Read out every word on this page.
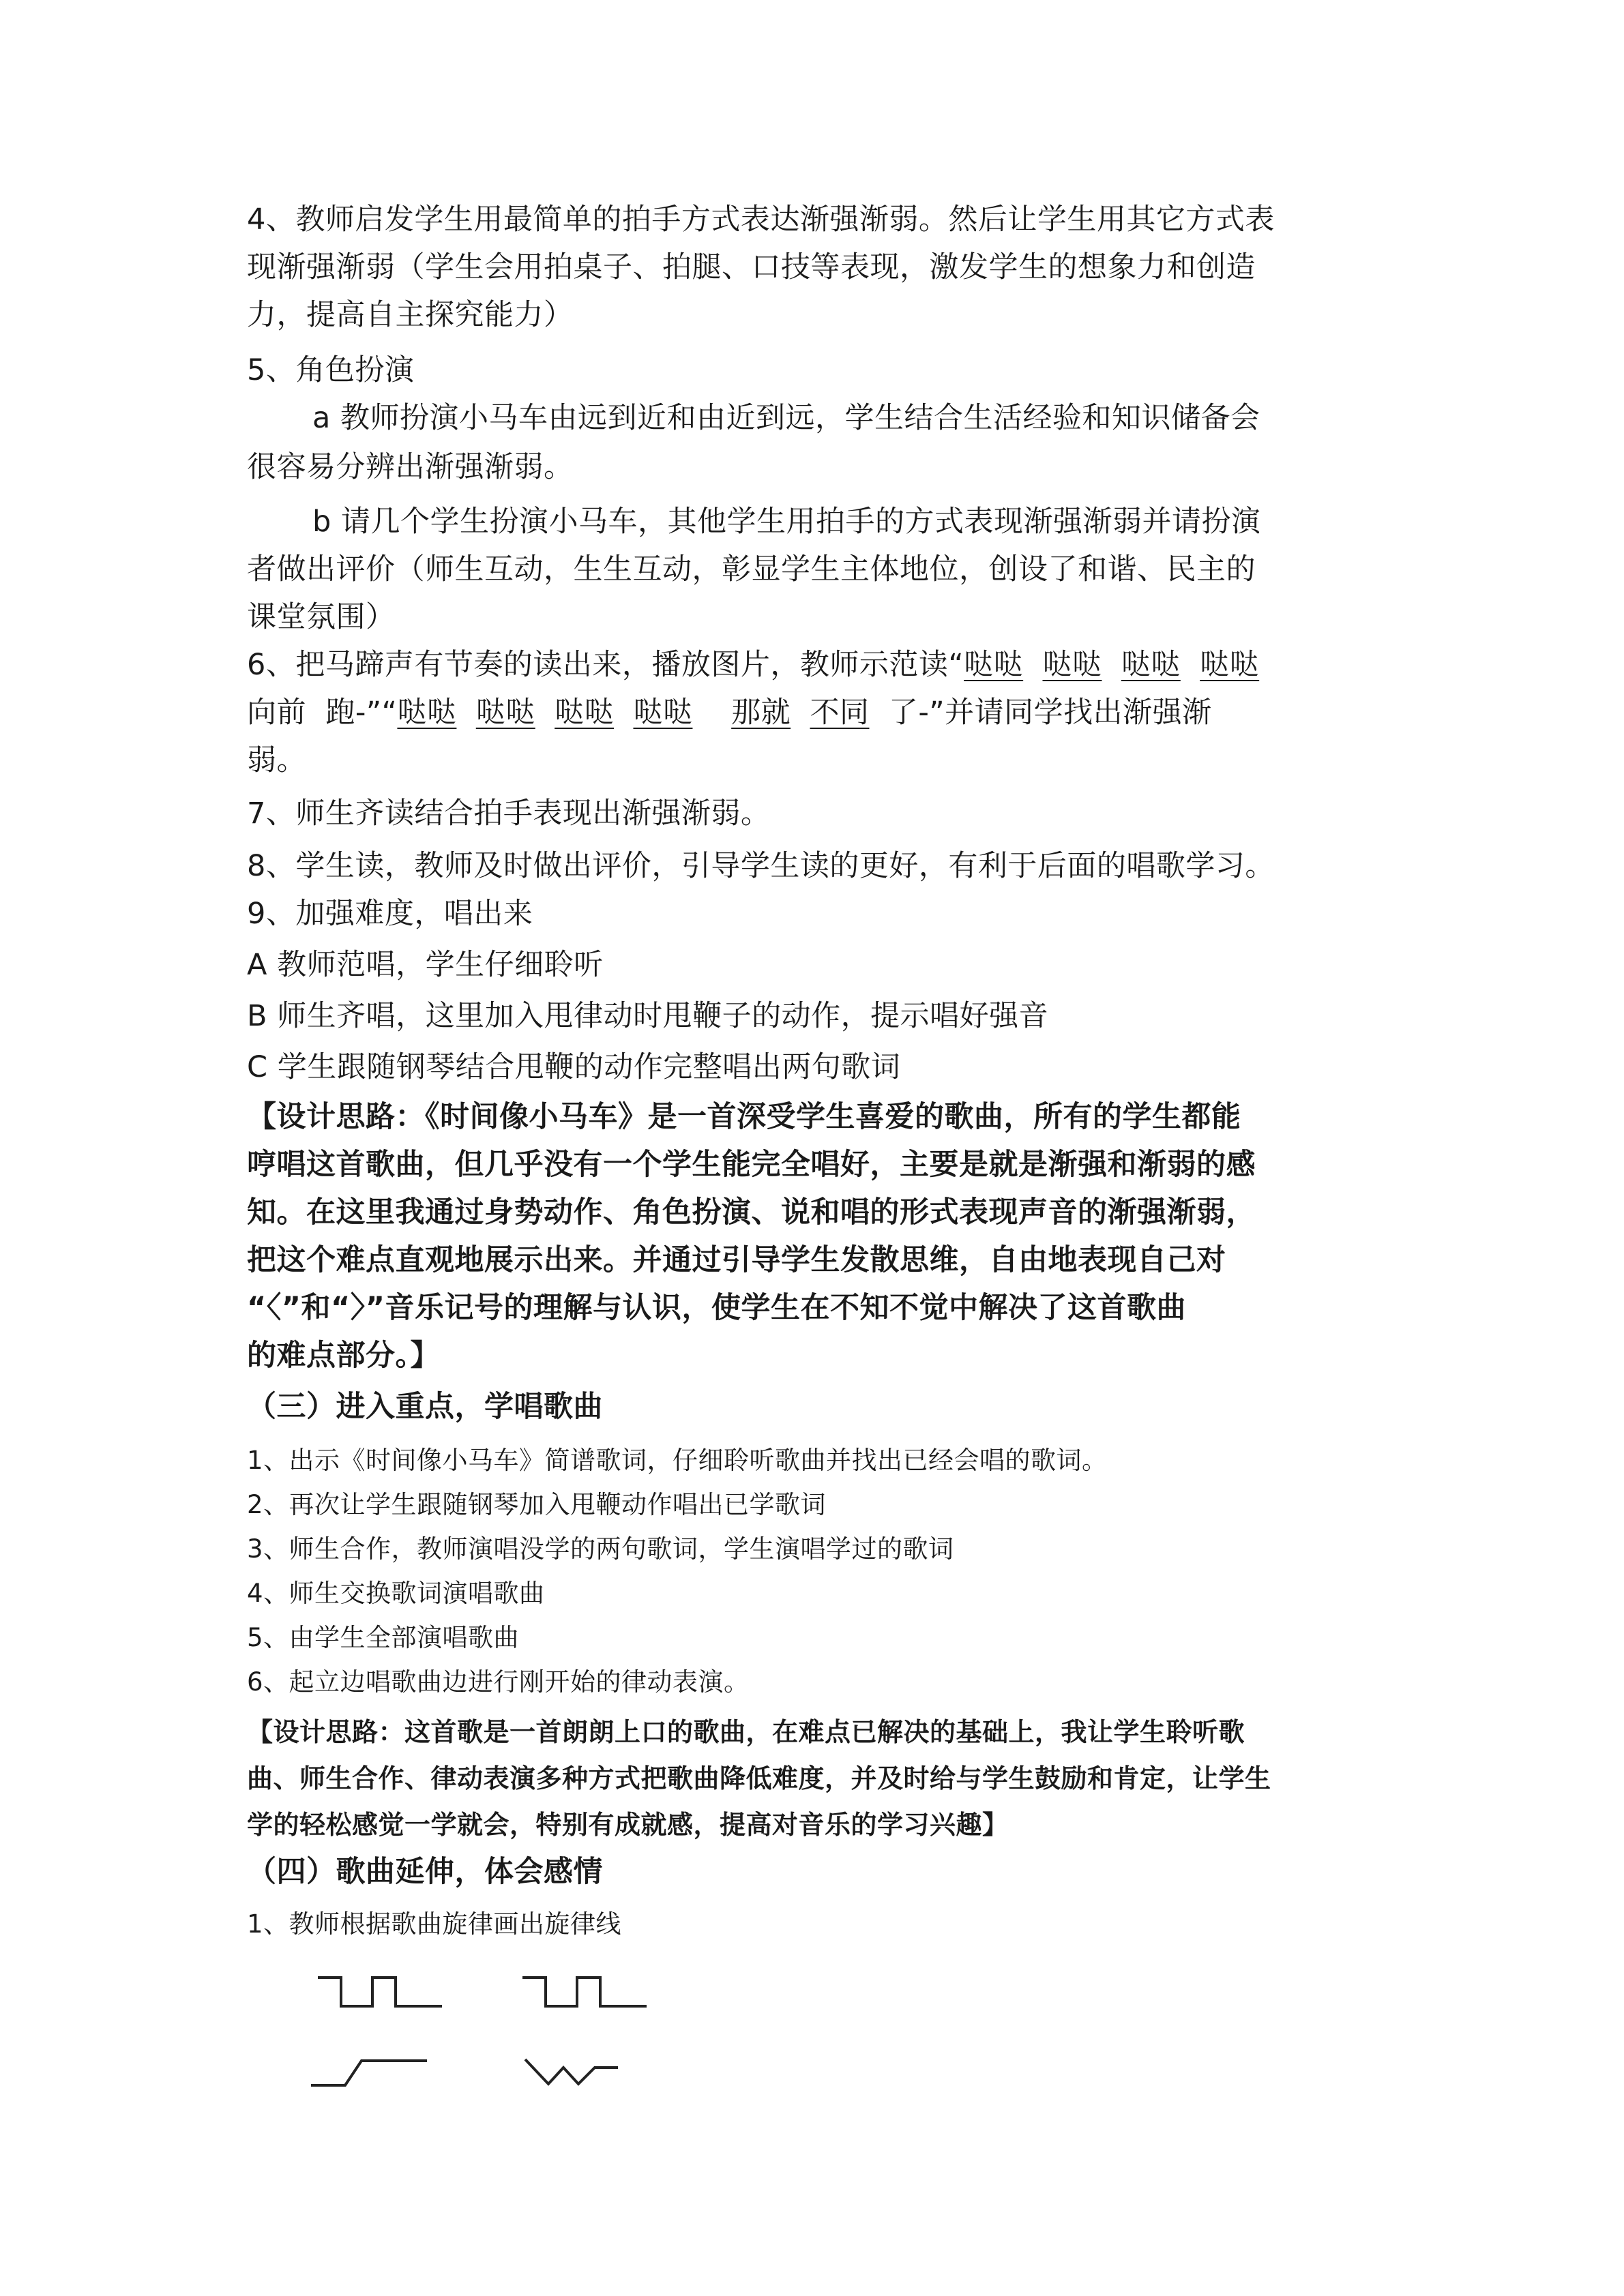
4、教师启发学生用最简单的拍手方式表达渐强渐弱。然后让学生用其它方式表
现渐强渐弱（学生会用拍桌子、拍腿、口技等表现，激发学生的想象力和创造
力，提高自主探究能力）
5、角色扮演
a 教师扮演小马车由远到近和由近到远，学生结合生活经验和知识储备会
很容易分辨出渐强渐弱。
b 请几个学生扮演小马车，其他学生用拍手的方式表现渐强渐弱并请扮演
者做出评价（师生互动，生生互动，彰显学生主体地位，创设了和谐、民主的
课堂氛围）
6、把马蹄声有节奏的读出来，播放图片，教师示范读“哒哒 哒哒 哒哒 哒哒
向前 跑-”“哒哒 哒哒 哒哒 哒哒 那就 不同 了-”并请同学找出渐强渐
弱。
7、师生齐读结合拍手表现出渐强渐弱。
8、学生读，教师及时做出评价，引导学生读的更好，有利于后面的唱歌学习。
9、加强难度，唱出来
A 教师范唱，学生仔细聆听
B 师生齐唱，这里加入甩律动时甩鞭子的动作，提示唱好强音
C 学生跟随钢琴结合甩鞭的动作完整唱出两句歌词
【设计思路：《时间像小马车》是一首深受学生喜爱的歌曲，所有的学生都能
哼唱这首歌曲，但几乎没有一个学生能完全唱好，主要是就是渐强和渐弱的感
知。在这里我通过身势动作、角色扮演、说和唱的形式表现声音的渐强渐弱，
把这个难点直观地展示出来。并通过引导学生发散思维，自由地表现自己对
“〈”和“〉”音乐记号的理解与认识，使学生在不知不觉中解决了这首歌曲
的难点部分。】
（三）进入重点，学唱歌曲
1、出示《时间像小马车》简谱歌词，仔细聆听歌曲并找出已经会唱的歌词。
2、再次让学生跟随钢琴加入甩鞭动作唱出已学歌词
3、师生合作，教师演唱没学的两句歌词，学生演唱学过的歌词
4、师生交换歌词演唱歌曲
5、由学生全部演唱歌曲
6、起立边唱歌曲边进行刚开始的律动表演。
【设计思路：这首歌是一首朗朗上口的歌曲，在难点已解决的基础上，我让学生聆听歌
曲、师生合作、律动表演多种方式把歌曲降低难度，并及时给与学生鼓励和肯定，让学生
学的轻松感觉一学就会，特别有成就感，提高对音乐的学习兴趣】
（四）歌曲延伸，体会感情
1、教师根据歌曲旋律画出旋律线
